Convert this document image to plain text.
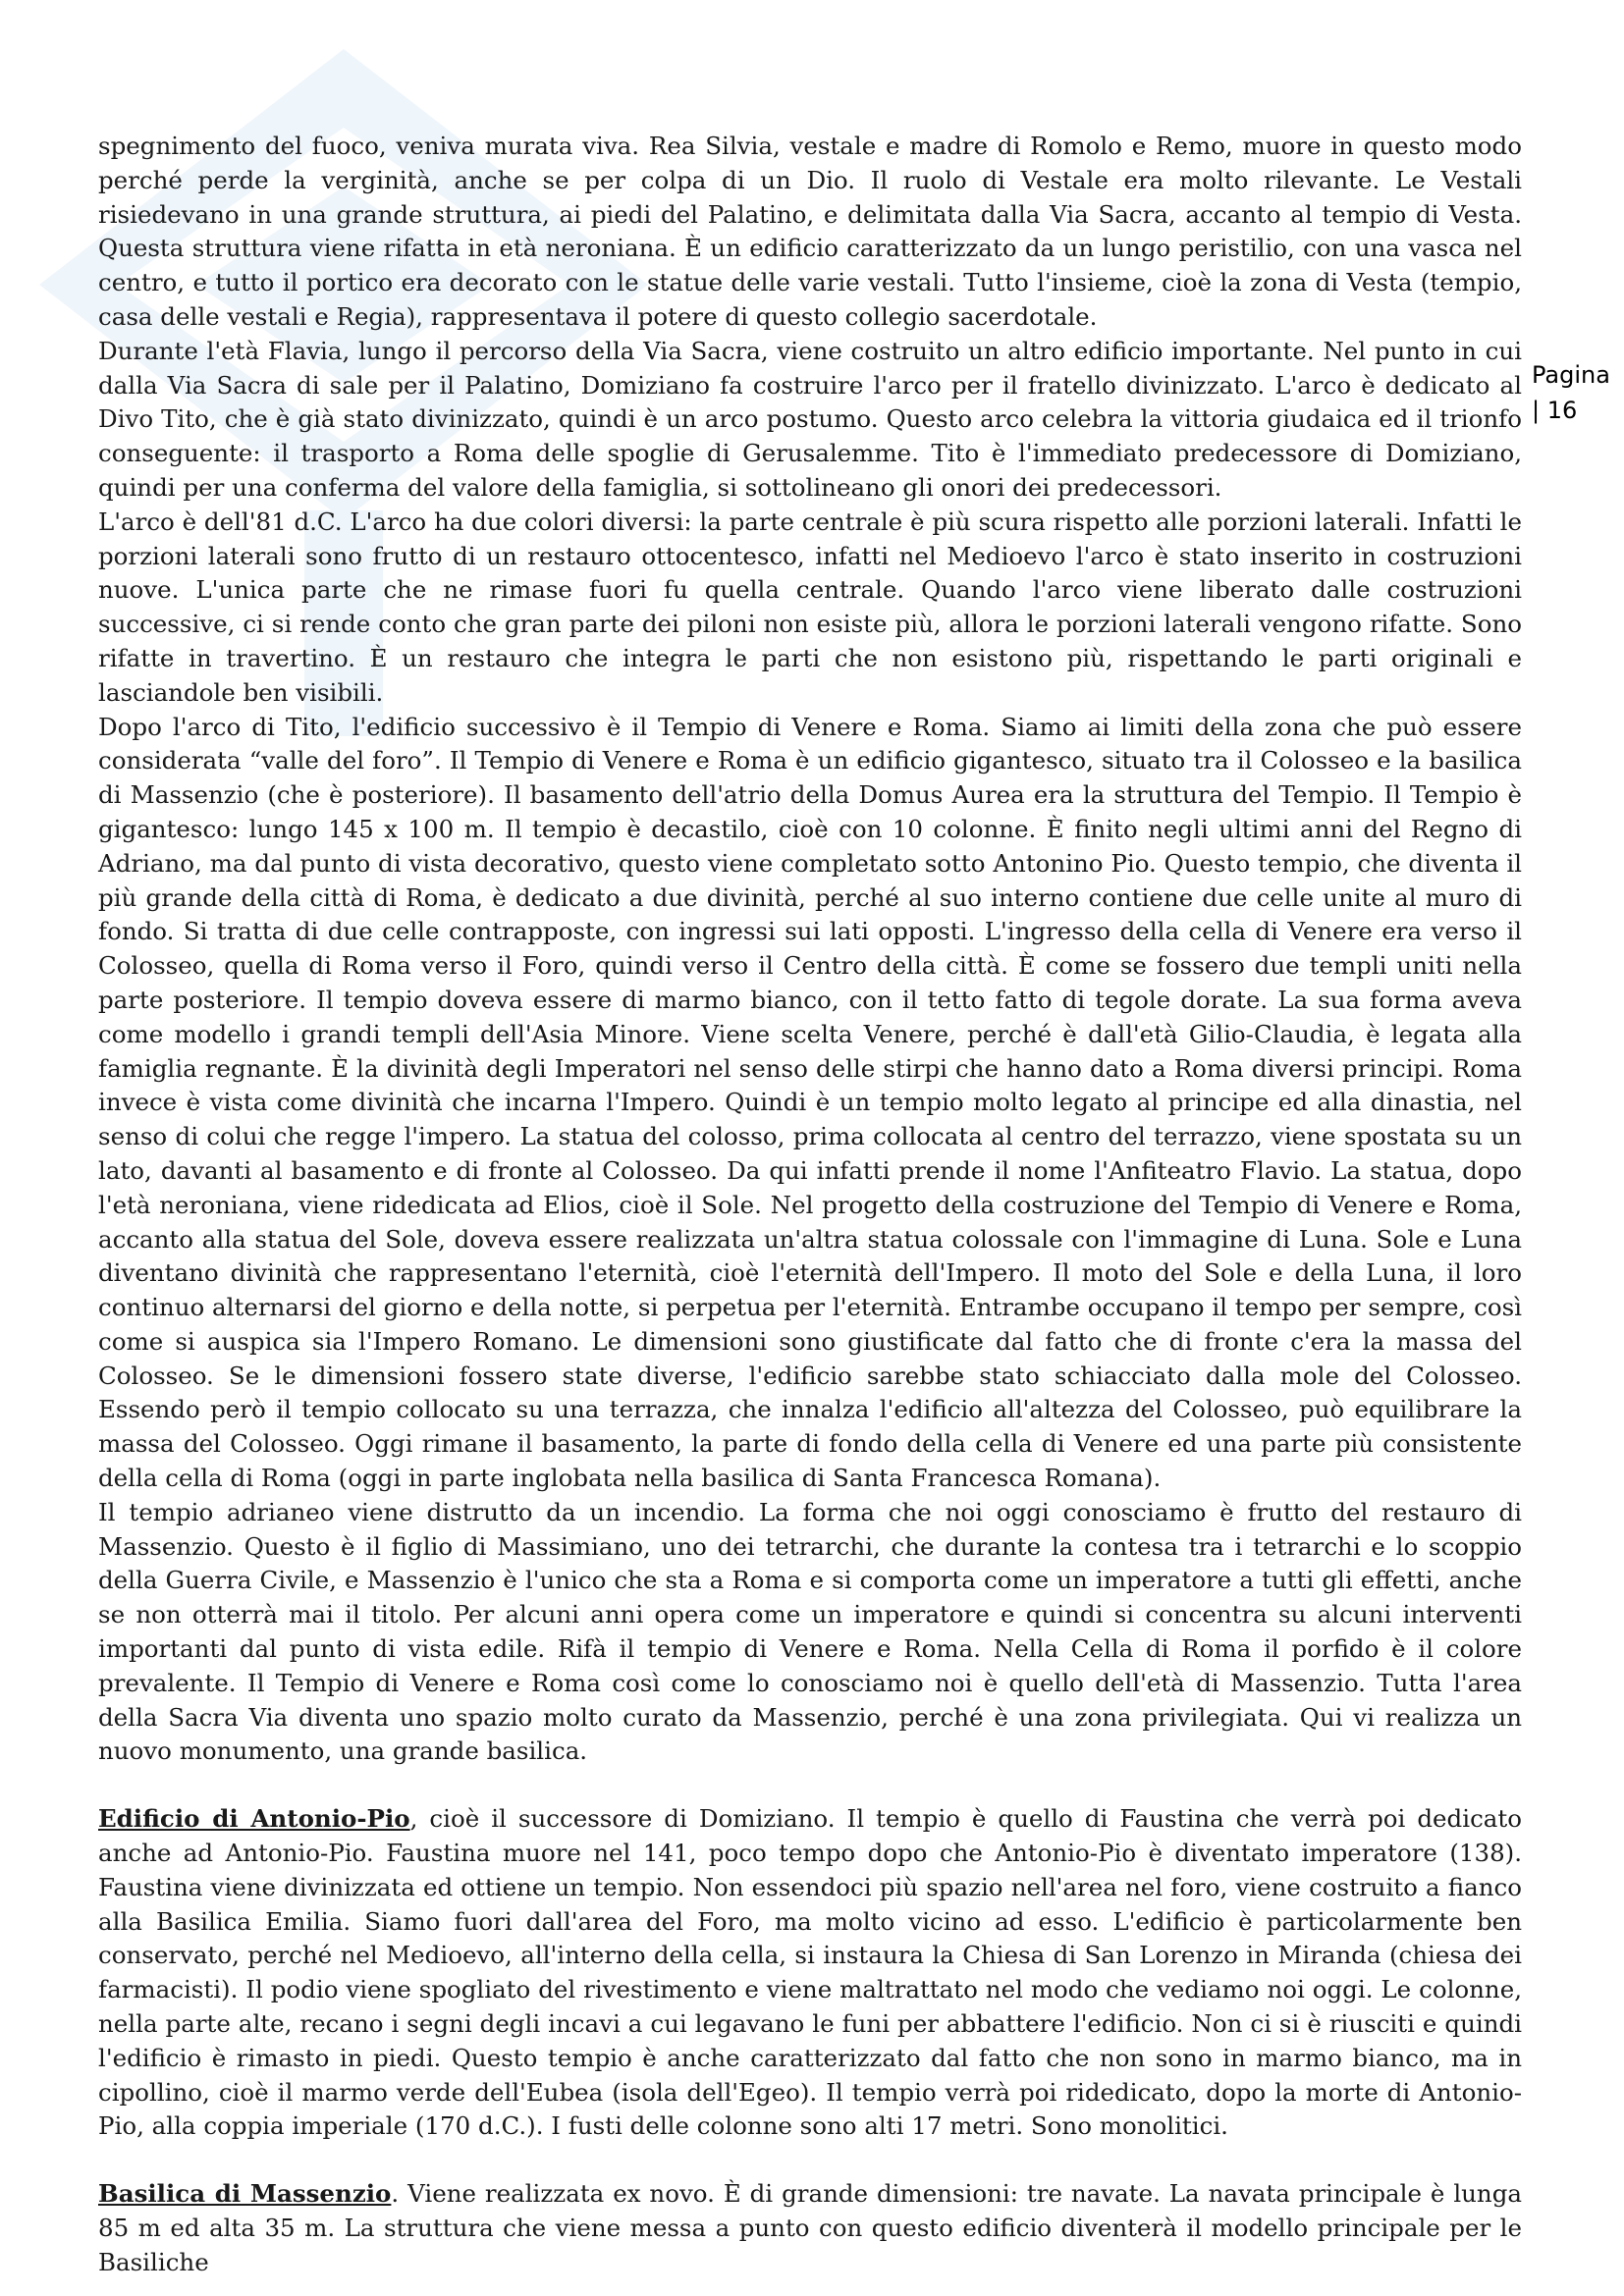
Pagina
| 16

spegnimento del fuoco, veniva murata viva. Rea Silvia, vestale e madre di Romolo e Remo, muore in questo modo perché perde la verginità, anche se per colpa di un Dio. Il ruolo di Vestale era molto rilevante. Le Vestali risiedevano in una grande struttura, ai piedi del Palatino, e delimitata dalla Via Sacra, accanto al tempio di Vesta. Questa struttura viene rifatta in età neroniana. È un edificio caratterizzato da un lungo peristilio, con una vasca nel centro, e tutto il portico era decorato con le statue delle varie vestali. Tutto l'insieme, cioè la zona di Vesta (tempio, casa delle vestali e Regia), rappresentava il potere di questo collegio sacerdotale.

Durante l'età Flavia, lungo il percorso della Via Sacra, viene costruito un altro edificio importante. Nel punto in cui dalla Via Sacra di sale per il Palatino, Domiziano fa costruire l'arco per il fratello divinizzato. L'arco è dedicato al Divo Tito, che è già stato divinizzato, quindi è un arco postumo. Questo arco celebra la vittoria giudaica ed il trionfo conseguente: il trasporto a Roma delle spoglie di Gerusalemme. Tito è l'immediato predecessore di Domiziano, quindi per una conferma del valore della famiglia, si sottolineano gli onori dei predecessori.

L'arco è dell'81 d.C. L'arco ha due colori diversi: la parte centrale è più scura rispetto alle porzioni laterali. Infatti le porzioni laterali sono frutto di un restauro ottocentesco, infatti nel Medioevo l'arco è stato inserito in costruzioni nuove. L'unica parte che ne rimase fuori fu quella centrale. Quando l'arco viene liberato dalle costruzioni successive, ci si rende conto che gran parte dei piloni non esiste più, allora le porzioni laterali vengono rifatte. Sono rifatte in travertino. È un restauro che integra le parti che non esistono più, rispettando le parti originali e lasciandole ben visibili.

Dopo l'arco di Tito, l'edificio successivo è il Tempio di Venere e Roma. Siamo ai limiti della zona che può essere considerata “valle del foro”. Il Tempio di Venere e Roma è un edificio gigantesco, situato tra il Colosseo e la basilica di Massenzio (che è posteriore). Il basamento dell'atrio della Domus Aurea era la struttura del Tempio. Il Tempio è gigantesco: lungo 145 x 100 m. Il tempio è decastilo, cioè con 10 colonne. È finito negli ultimi anni del Regno di Adriano, ma dal punto di vista decorativo, questo viene completato sotto Antonino Pio. Questo tempio, che diventa il più grande della città di Roma, è dedicato a due divinità, perché al suo interno contiene due celle unite al muro di fondo. Si tratta di due celle contrapposte, con ingressi sui lati opposti. L'ingresso della cella di Venere era verso il Colosseo, quella di Roma verso il Foro, quindi verso il Centro della città. È come se fossero due templi uniti nella parte posteriore. Il tempio doveva essere di marmo bianco, con il tetto fatto di tegole dorate. La sua forma aveva come modello i grandi templi dell'Asia Minore. Viene scelta Venere, perché è dall'età Gilio-Claudia, è legata alla famiglia regnante. È la divinità degli Imperatori nel senso delle stirpi che hanno dato a Roma diversi principi. Roma invece è vista come divinità che incarna l'Impero. Quindi è un tempio molto legato al principe ed alla dinastia, nel senso di colui che regge l'impero. La statua del colosso, prima collocata al centro del terrazzo, viene spostata su un lato, davanti al basamento e di fronte al Colosseo. Da qui infatti prende il nome l'Anfiteatro Flavio. La statua, dopo l'età neroniana, viene ridedicata ad Elios, cioè il Sole. Nel progetto della costruzione del Tempio di Venere e Roma, accanto alla statua del Sole, doveva essere realizzata un'altra statua colossale con l'immagine di Luna. Sole e Luna diventano divinità che rappresentano l'eternità, cioè l'eternità dell'Impero. Il moto del Sole e della Luna, il loro continuo alternarsi del giorno e della notte, si perpetua per l'eternità. Entrambe occupano il tempo per sempre, così come si auspica sia l'Impero Romano. Le dimensioni sono giustificate dal fatto che di fronte c'era la massa del Colosseo. Se le dimensioni fossero state diverse, l'edificio sarebbe stato schiacciato dalla mole del Colosseo. Essendo però il tempio collocato su una terrazza, che innalza l'edificio all'altezza del Colosseo, può equilibrare la massa del Colosseo. Oggi rimane il basamento, la parte di fondo della cella di Venere ed una parte più consistente della cella di Roma (oggi in parte inglobata nella basilica di Santa Francesca Romana).

Il tempio adrianeo viene distrutto da un incendio. La forma che noi oggi conosciamo è frutto del restauro di Massenzio. Questo è il figlio di Massimiano, uno dei tetrarchi, che durante la contesa tra i tetrarchi e lo scoppio della Guerra Civile, e Massenzio è l'unico che sta a Roma e si comporta come un imperatore a tutti gli effetti, anche se non otterrà mai il titolo. Per alcuni anni opera come un imperatore e quindi si concentra su alcuni interventi importanti dal punto di vista edile. Rifà il tempio di Venere e Roma. Nella Cella di Roma il porfido è il colore prevalente. Il Tempio di Venere e Roma così come lo conosciamo noi è quello dell'età di Massenzio. Tutta l'area della Sacra Via diventa uno spazio molto curato da Massenzio, perché è una zona privilegiata. Qui vi realizza un nuovo monumento, una grande basilica.

Edificio di Antonio-Pio, cioè il successore di Domiziano. Il tempio è quello di Faustina che verrà poi dedicato anche ad Antonio-Pio. Faustina muore nel 141, poco tempo dopo che Antonio-Pio è diventato imperatore (138). Faustina viene divinizzata ed ottiene un tempio. Non essendoci più spazio nell'area nel foro, viene costruito a fianco alla Basilica Emilia. Siamo fuori dall'area del Foro, ma molto vicino ad esso. L'edificio è particolarmente ben conservato, perché nel Medioevo, all'interno della cella, si instaura la Chiesa di San Lorenzo in Miranda (chiesa dei farmacisti). Il podio viene spogliato del rivestimento e viene maltrattato nel modo che vediamo noi oggi. Le colonne, nella parte alte, recano i segni degli incavi a cui legavano le funi per abbattere l'edificio. Non ci si è riusciti e quindi l'edificio è rimasto in piedi. Questo tempio è anche caratterizzato dal fatto che non sono in marmo bianco, ma in cipollino, cioè il marmo verde dell'Eubea (isola dell'Egeo). Il tempio verrà poi ridedicato, dopo la morte di Antonio-Pio, alla coppia imperiale (170 d.C.). I fusti delle colonne sono alti 17 metri. Sono monolitici.

Basilica di Massenzio. Viene realizzata ex novo. È di grande dimensioni: tre navate. La navata principale è lunga 85 m ed alta 35 m. La struttura che viene messa a punto con questo edificio diventerà il modello principale per le Basiliche
